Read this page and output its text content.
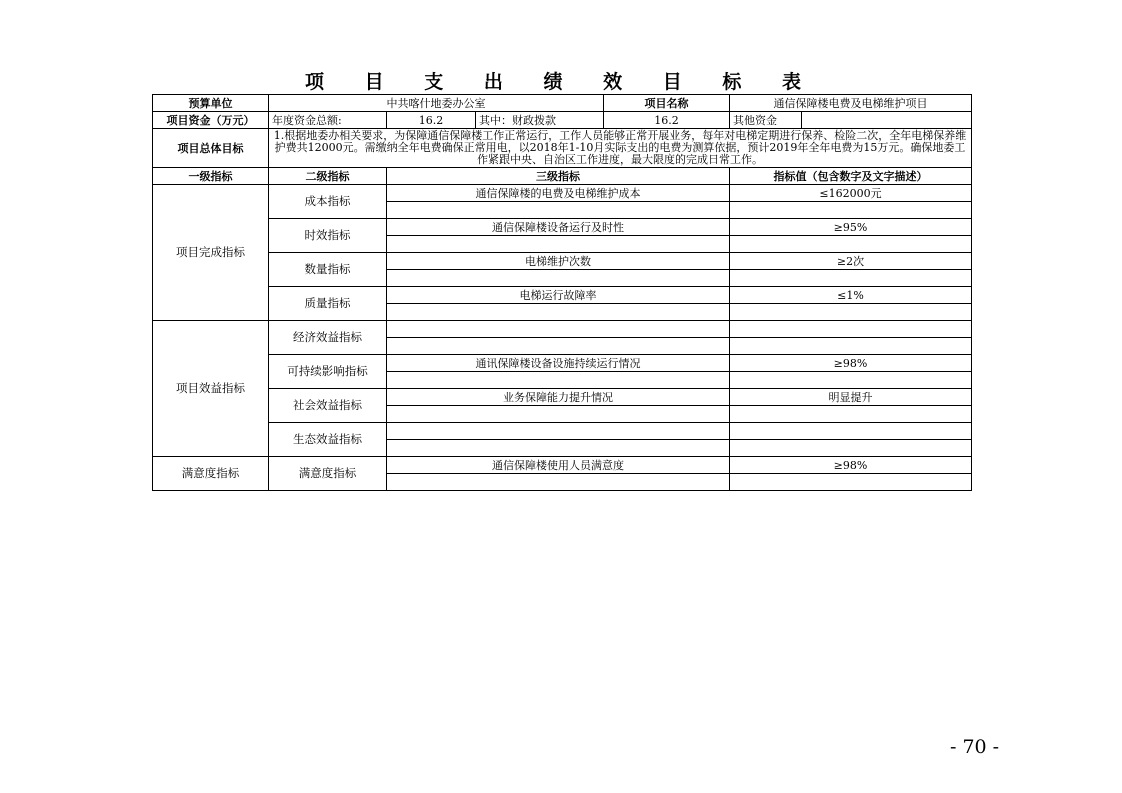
项 目 支 出 绩 效 目 标 表
预算单位	中共喀什地委办公室			项目名称	通信保障楼电费及电梯维护项目	
项目资金（万元）	年度资金总额:	16.2	其中：财政拨款	16.2	其他资金	
项目总体目标	1.根据地委办相关要求，为保障通信保障楼工作正常运行，工作人员能够正常开展业务，每年对电梯定期进行保养、检险二次，全年电梯保养维护费共12000元。需缴纳全年电费确保正常用电，以2018年1-10月实际支出的电费为测算依据，预计2019年全年电费为15万元。确保地委工作紧跟中央、自治区工作进度，最大限度的完成日常工作。					
一级指标	二级指标	三级指标			指标值（包含数字及文字描述）	
项目完成指标	成本指标	通信保障楼的电费及电梯维护成本			≤162000元	

	时效指标	通信保障楼设备运行及时性			≥95%	

	数量指标	电梯维护次数			≥2次	

	质量指标	电梯运行故障率			≤1%	

项目效益指标	经济效益指标					

	可持续影响指标	通讯保障楼设备设施持续运行情况			≥98%	

	社会效益指标	业务保障能力提升情况			明显提升	

	生态效益指标					

满意度指标	满意度指标	通信保障楼使用人员满意度			≥98%	

- 70 -
